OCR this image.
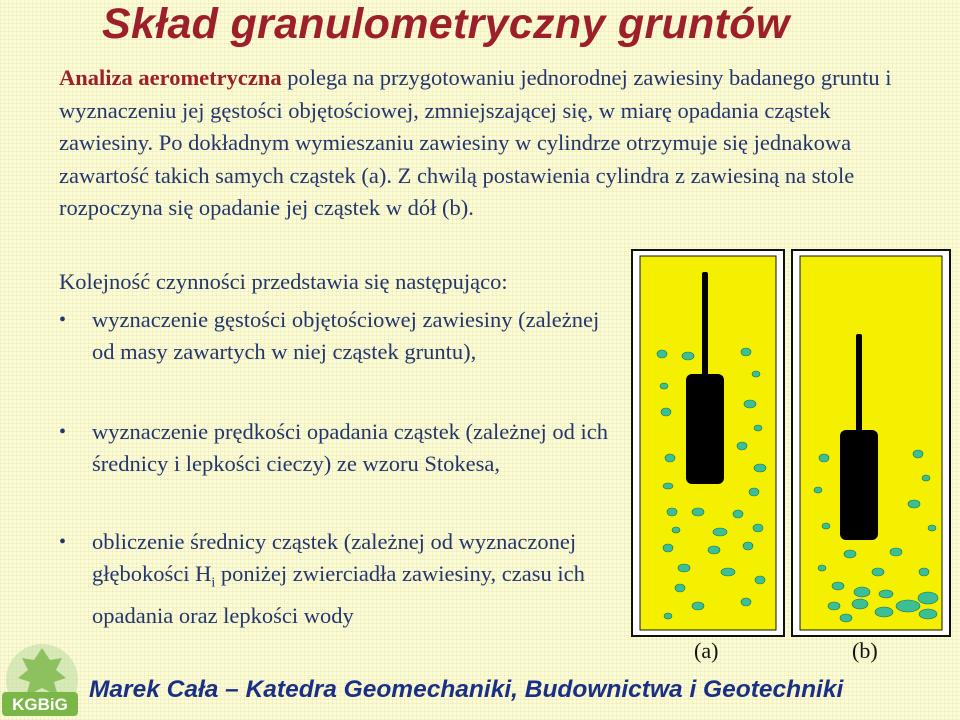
Skład granulometryczny gruntów
Analiza aerometryczna polega na przygotowaniu jednorodnej zawiesiny badanego gruntu i wyznaczeniu jej gęstości objętościowej, zmniejszającej się, w miarę opadania cząstek zawiesiny. Po dokładnym wymieszaniu zawiesiny w cylindrze otrzymuje się jednakowa zawartość takich samych cząstek (a). Z chwilą postawienia cylindra z zawiesiną na stole rozpoczyna się opadanie jej cząstek w dół (b).
Kolejność czynności przedstawia się następująco:
• wyznaczenie gęstości objętościowej zawiesiny (zależnej od masy zawartych w niej cząstek gruntu),
• wyznaczenie prędkości opadania cząstek (zależnej od ich średnicy i lepkości cieczy) ze wzoru Stokesa,
• obliczenie średnicy cząstek (zależnej od wyznaczonej głębokości $H_i$ poniżej zwierciadła zawiesiny, czasu ich opadania oraz lepkości wody
(a)	(b)
KGBiG
Marek Cała – Katedra Geomechaniki, Budownictwa i Geotechniki
